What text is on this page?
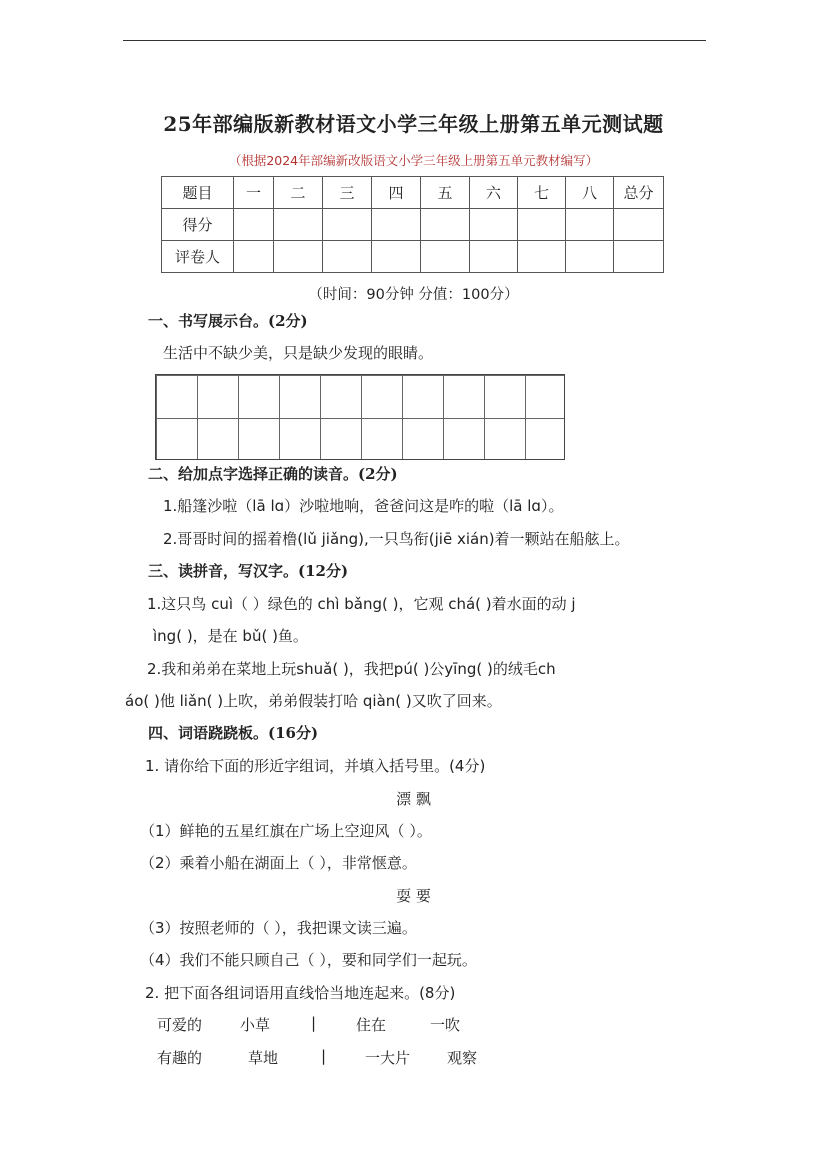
25年部编版新教材语文小学三年级上册第五单元测试题
（根据2024年部编新改版语文小学三年级上册第五单元教材编写）
题目	一	二	三	四	五	六	七	八	总分
得分									
评卷人									
（时间：90分钟 分值：100分）
一、书写展示台。(2分)
生活中不缺少美，只是缺少发现的眼睛。
二、给加点字选择正确的读音。(2分)
1.船篷沙啦（lā lɑ）沙啦地响，爸爸问这是咋的啦（lā lɑ）。
2.哥哥时间的摇着橹(lǔ jiǎng),一只鸟衔(jiē xián)着一颗站在船舷上。
三、读拼音，写汉字。(12分)
1.这只鸟 cuì（ ）绿色的 chì bǎng( )，它观 chá( )着水面的动 j
ìng( )，是在 bǔ( )鱼。
2.我和弟弟在菜地上玩shuǎ( )，我把pú( )公yīng( )的绒毛ch
áo( )他 liǎn( )上吹，弟弟假装打哈 qiàn( )又吹了回来。
四、词语跷跷板。(16分)
1. 请你给下面的形近字组词，并填入括号里。(4分)
漂 飘
（1）鲜艳的五星红旗在广场上空迎风（ ）。
（2）乘着小船在湖面上（ ），非常惬意。
耍 要
（3）按照老师的（ ），我把课文读三遍。
（4）我们不能只顾自己（ ），要和同学们一起玩。
2. 把下面各组词语用直线恰当地连起来。(8分)
可爱的	小草	|	住在	一吹
有趣的	草地	|	一大片 观察
